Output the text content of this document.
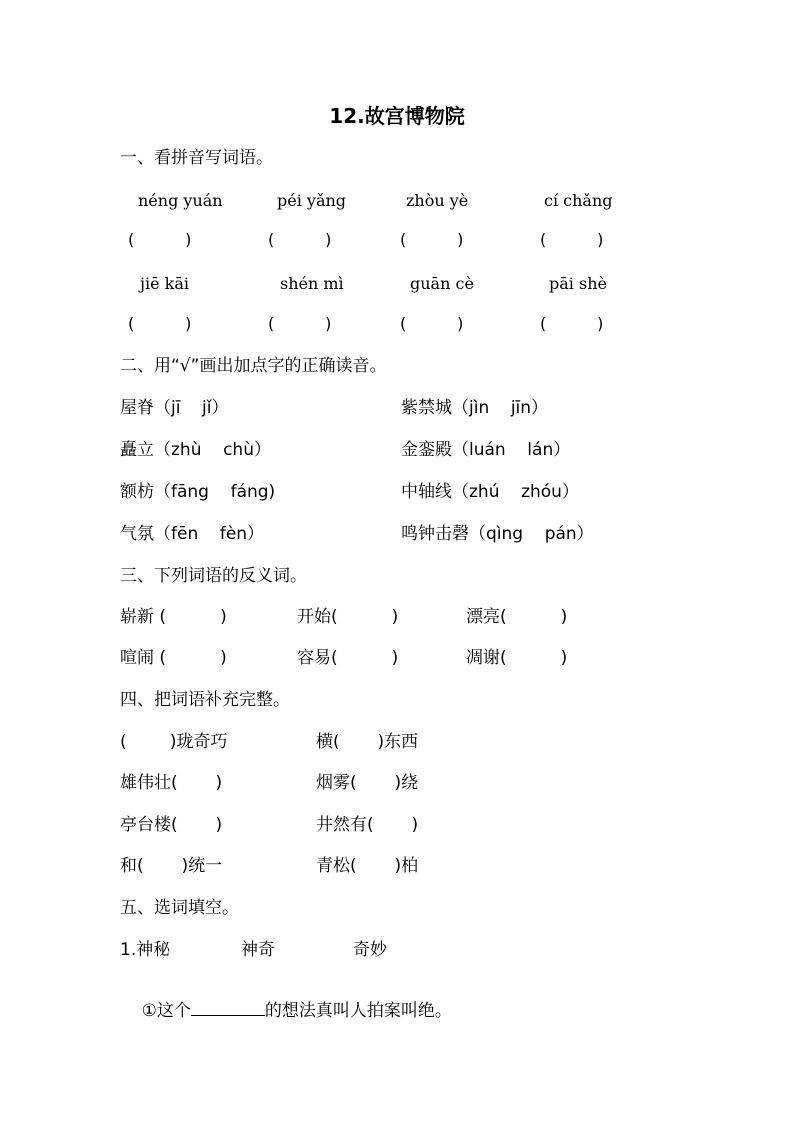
12.故宫博物院
一、看拼音写词语。
néng yuán	péi yǎng	zhòu yè	cí chǎng
(          )	(          )	(          )	(          )
jiē kāi	shén mì	guān cè	pāi shè
(          )	(          )	(          )	(          )
二、用“√”画出加点字的正确读音。
屋脊（jī    jǐ）	紫禁城（jìn    jīn）
矗立（zhù    chù）	金銮殿（luán    lán）
额枋（fāng    fáng)	中轴线（zhú    zhóu）
气氛（fēn    fèn）	鸣钟击磬（qìng    pán）
三、下列词语的反义词。
崭新 (          )	开始(          )	漂亮(          )
喧闹 (          )	容易(          )	凋谢(          )
四、把词语补充完整。
(        )珑奇巧	横(       )东西
雄伟壮(       )	烟雾(       )绕
亭台楼(       )	井然有(       )
和(       )统一	青松(       )柏
五、选词填空。
1.神秘	神奇	奇妙

①这个	的想法真叫人拍案叫绝。
